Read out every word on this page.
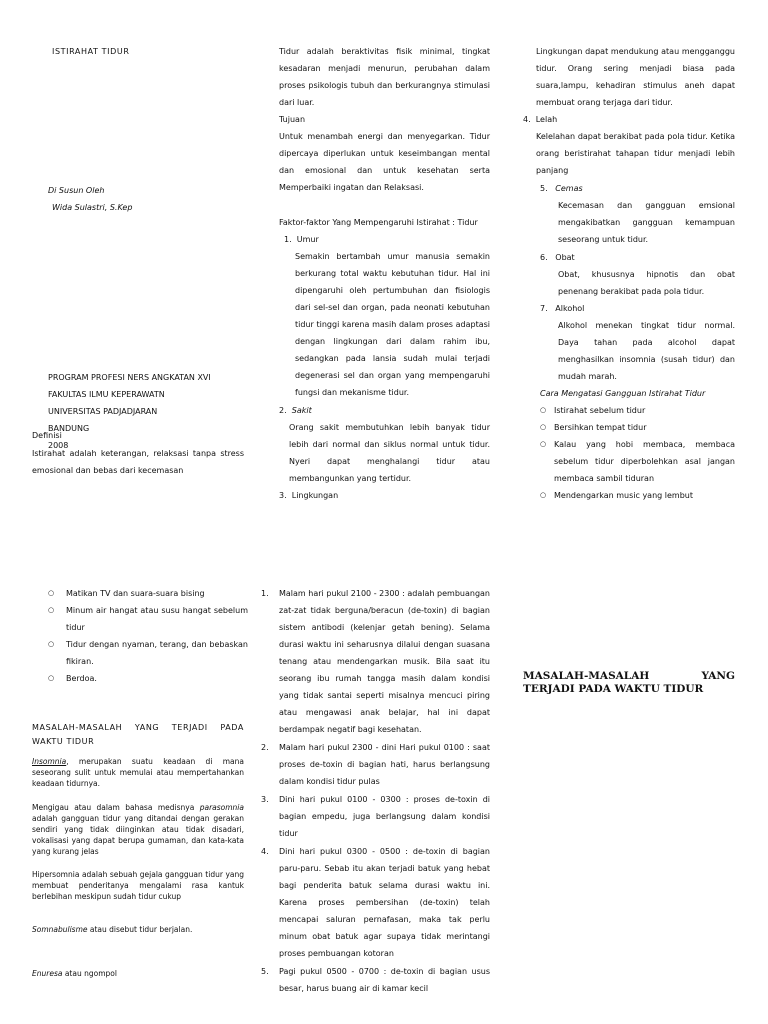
ISTIRAHAT TIDUR
Di Susun Oleh
Wida Sulastri, S.Kep
PROGRAM PROFESI NERS ANGKATAN XVI
FAKULTAS ILMU KEPERAWATN
UNIVERSITAS PADJADJARAN
BANDUNG
2008
Definisi
Istirahat adalah keterangan, relaksasi tanpa stress emosional dan bebas dari kecemasan
Tidur adalah beraktivitas fisik minimal, tingkat kesadaran menjadi menurun, perubahan dalam proses psikologis tubuh dan berkurangnya stimulasi dari luar.
Tujuan
Untuk menambah energi dan menyegarkan. Tidur dipercaya diperlukan untuk keseimbangan mental dan emosional dan untuk kesehatan serta Memperbaiki ingatan dan Relaksasi.
Faktor-faktor Yang Mempengaruhi Istirahat : Tidur
1. Umur
Semakin bertambah umur manusia semakin berkurang total waktu kebutuhan tidur. Hal ini dipengaruhi oleh pertumbuhan dan fisiologis dari sel-sel dan organ, pada neonati kebutuhan tidur tinggi karena masih dalam proses adaptasi dengan lingkungan dari dalam rahim ibu, sedangkan pada lansia sudah mulai terjadi degenerasi sel dan organ yang mempengaruhi fungsi dan mekanisme tidur.
2. Sakit
Orang sakit membutuhkan lebih banyak tidur lebih dari normal dan siklus normal untuk tidur. Nyeri dapat menghalangi tidur atau membangunkan yang tertidur.
3. Lingkungan
Lingkungan dapat mendukung atau mengganggu tidur. Orang sering menjadi biasa pada suara,lampu, kehadiran stimulus aneh dapat membuat orang terjaga dari tidur.
4. Lelah
Kelelahan dapat berakibat pada pola tidur. Ketika orang beristirahat tahapan tidur menjadi lebih panjang
5. Cemas
Kecemasan dan gangguan emsional mengakibatkan gangguan kemampuan seseorang untuk tidur.
6. Obat
Obat, khususnya hipnotis dan obat penenang berakibat pada pola tidur.
7. Alkohol
Alkohol menekan tingkat tidur normal. Daya tahan pada alcohol dapat menghasilkan insomnia (susah tidur) dan mudah marah.
Cara Mengatasi Gangguan Istirahat Tidur
○ Istirahat sebelum tidur
○ Bersihkan tempat tidur
○ Kalau yang hobi membaca, membaca sebelum tidur diperbolehkan asal jangan membaca sambil tiduran
○ Mendengarkan music yang lembut
○	Matikan TV dan suara-suara bising
○	Minum air hangat atau susu hangat sebelum tidur
○	Tidur dengan nyaman, terang, dan bebaskan fikiran.
○	Berdoa.
MASALAH-MASALAH YANG TERJADI PADA WAKTU TIDUR
Insomnia, merupakan suatu keadaan di mana seseorang sulit untuk memulai atau mempertahankan keadaan tidurnya.
Mengigau atau dalam bahasa medisnya parasomnia adalah gangguan tidur yang ditandai dengan gerakan sendiri yang tidak diinginkan atau tidak disadari, vokalisasi yang dapat berupa gumaman, dan kata-kata yang kurang jelas
Hipersomnia adalah sebuah gejala gangguan tidur yang membuat penderitanya mengalami rasa kantuk berlebihan meskipun sudah tidur cukup
Somnabulisme atau disebut tidur berjalan.
Enuresa atau ngompol
1.	Malam hari pukul 2100 - 2300 : adalah pembuangan zat-zat tidak berguna/beracun (de-toxin) di bagian sistem antibodi (kelenjar getah bening). Selama durasi waktu ini seharusnya dilalui dengan suasana tenang atau mendengarkan musik. Bila saat itu seorang ibu rumah tangga masih dalam kondisi yang tidak santai seperti misalnya mencuci piring atau mengawasi anak belajar, hal ini dapat berdampak negatif bagi kesehatan.
2.	Malam hari pukul 2300 - dini Hari pukul 0100 : saat proses de-toxin di bagian hati, harus berlangsung dalam kondisi tidur pulas
3.	Dini hari pukul 0100 - 0300 : proses de-toxin di bagian empedu, juga berlangsung dalam kondisi tidur
4.	Dini hari pukul 0300 - 0500 : de-toxin di bagian paru-paru. Sebab itu akan terjadi batuk yang hebat bagi penderita batuk selama durasi waktu ini. Karena proses pembersihan (de-toxin) telah mencapai saluran pernafasan, maka tak perlu minum obat batuk agar supaya tidak merintangi proses pembuangan kotoran
5.	Pagi pukul 0500 - 0700 : de-toxin di bagian usus besar, harus buang air di kamar kecil
MASALAH-MASALAH YANG TERJADI PADA WAKTU TIDUR
